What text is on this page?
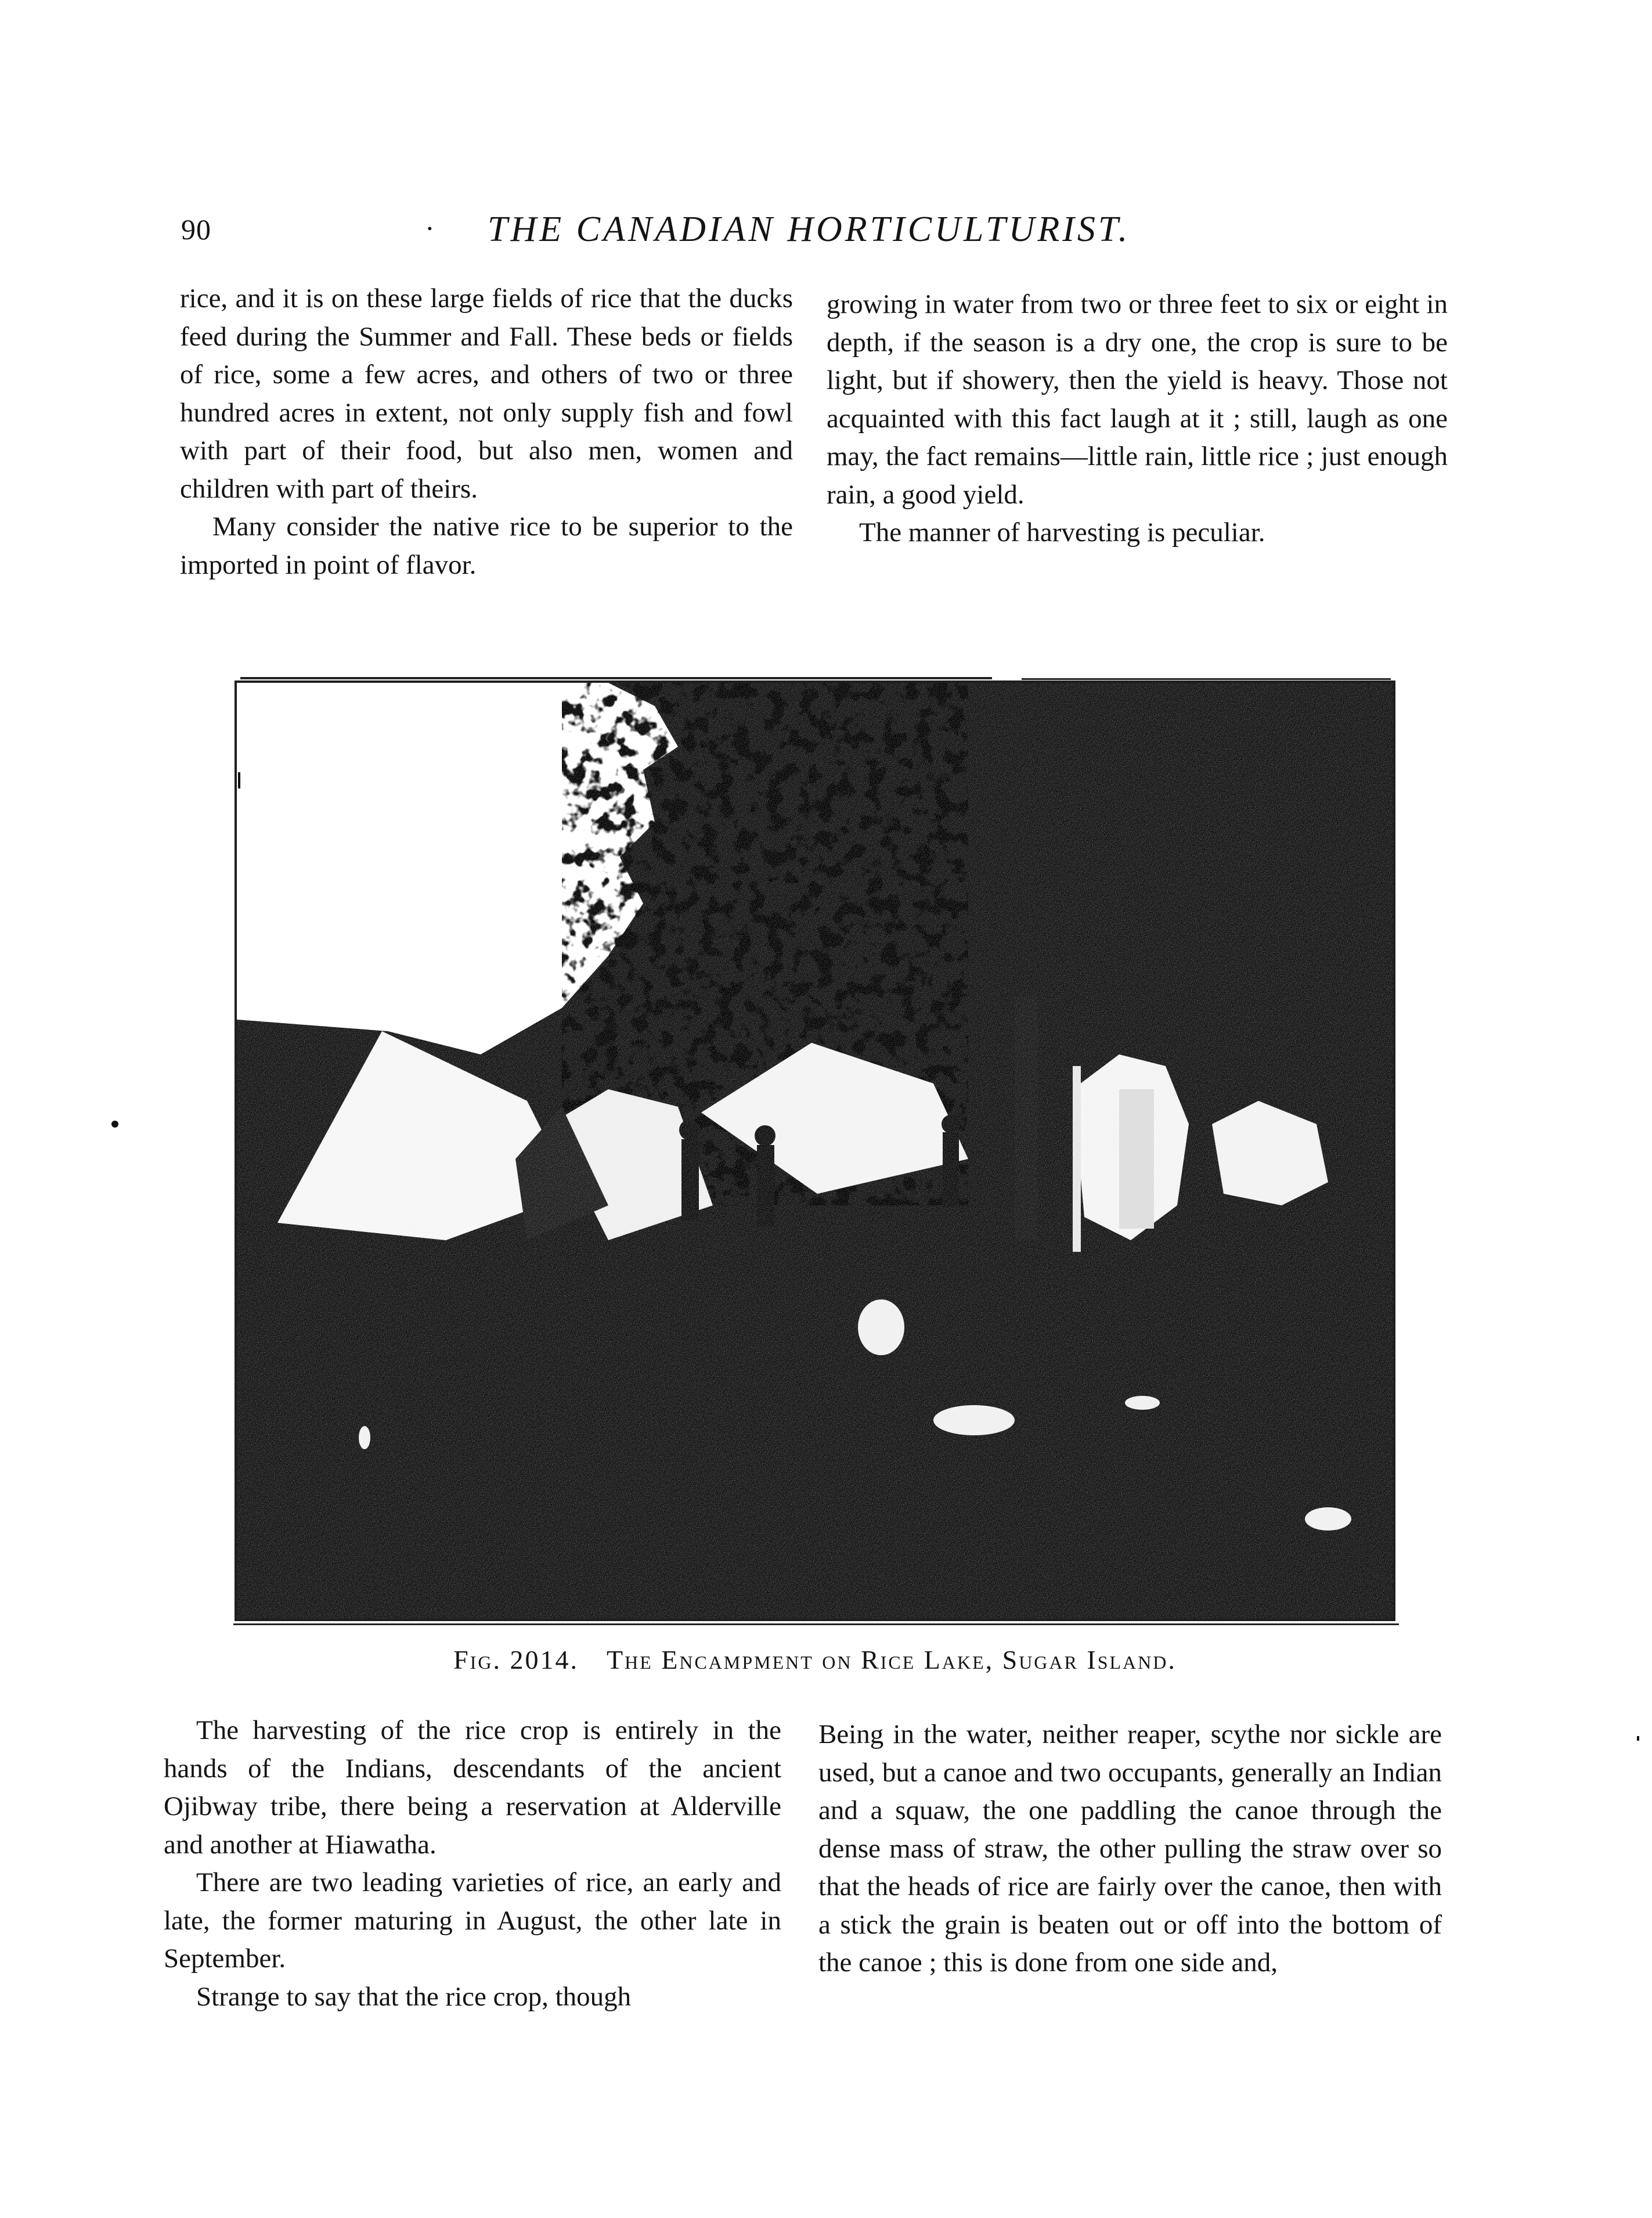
90	· THE CANADIAN HORTICULTURIST.

rice, and it is on these large fields of rice that the ducks feed during the Summer and Fall. These beds or fields of rice, some a few acres, and others of two or three hundred acres in extent, not only supply fish and fowl with part of their food, but also men, women and children with part of theirs.

Many consider the native rice to be superior to the imported in point of flavor.

growing in water from two or three feet to six or eight in depth, if the season is a dry one, the crop is sure to be light, but if showery, then the yield is heavy. Those not acquainted with this fact laugh at it ; still, laugh as one may, the fact remains—little rain, little rice ; just enough rain, a good yield.

The manner of harvesting is peculiar.

Fig. 2014. The Encampment on Rice Lake, Sugar Island.

The harvesting of the rice crop is entirely in the hands of the Indians, descendants of the ancient Ojibway tribe, there being a reservation at Alderville and another at Hiawatha.

There are two leading varieties of rice, an early and late, the former maturing in August, the other late in September.

Strange to say that the rice crop, though

Being in the water, neither reaper, scythe nor sickle are used, but a canoe and two occupants, generally an Indian and a squaw, the one paddling the canoe through the dense mass of straw, the other pulling the straw over so that the heads of rice are fairly over the canoe, then with a stick the grain is beaten out or off into the bottom of the canoe ; this is done from one side and,
